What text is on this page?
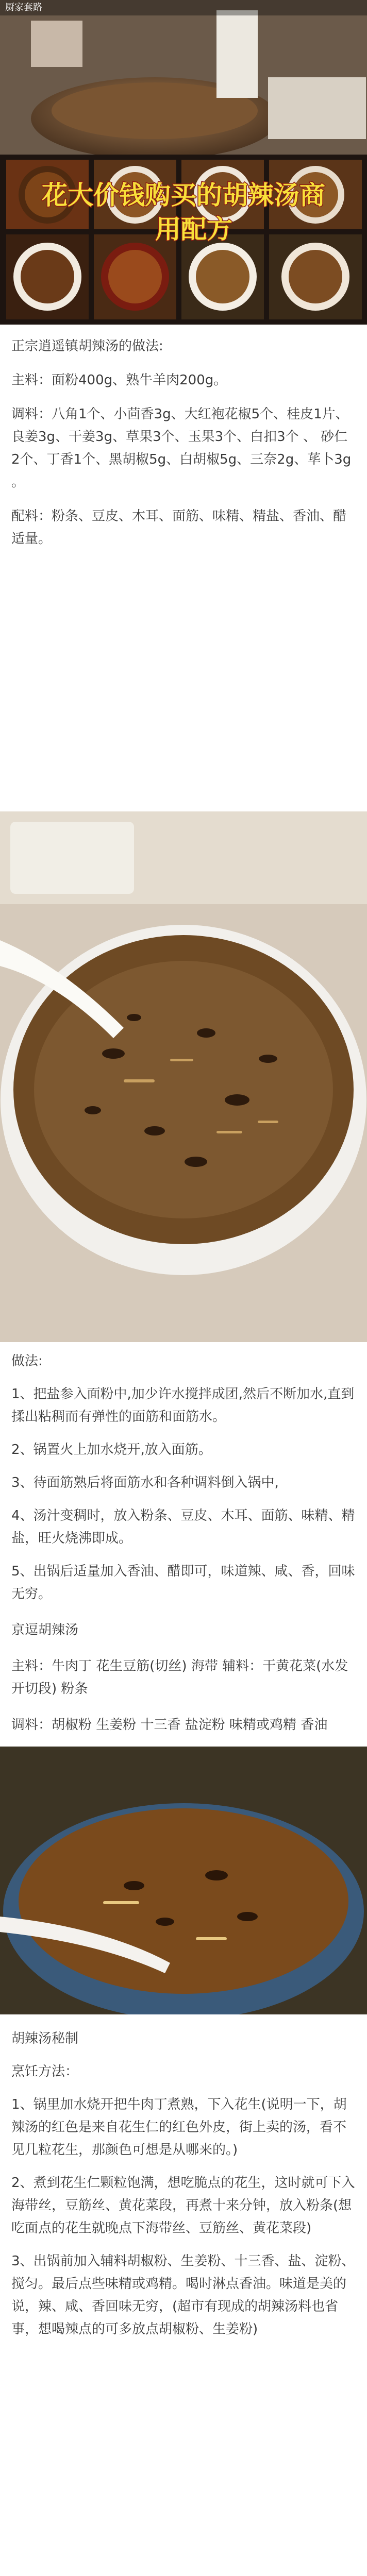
厨家套路
花大价钱购买的胡辣汤商
用配方

正宗逍遥镇胡辣汤的做法:

主料：面粉400g、熟牛羊肉200g。

调料：八角1个、小茴香3g、大红袍花椒5个、桂皮1片、良姜3g、干姜3g、草果3个、玉果3个、白扣3个 、 砂仁2个、丁香1个、黑胡椒5g、白胡椒5g、三奈2g、荜卜3g 。

配料：粉条、豆皮、木耳、面筋、味精、精盐、香油、醋适量。

做法:

1、把盐参入面粉中,加少许水搅拌成团,然后不断加水,直到揉出粘稠而有弹性的面筋和面筋水。

2、锅置火上加水烧开,放入面筋。

3、待面筋熟后将面筋水和各种调料倒入锅中,

4、汤汁变稠时，放入粉条、豆皮、木耳、面筋、味精、精盐，旺火烧沸即成。

5、出锅后适量加入香油、醋即可，味道辣、咸、香，回味无穷。

京逗胡辣汤

主料：牛肉丁 花生豆筋(切丝) 海带 辅料：干黄花菜(水发开切段) 粉条

调料：胡椒粉 生姜粉 十三香 盐淀粉 味精或鸡精 香油

胡辣汤秘制

烹饪方法：

1、锅里加水烧开把牛肉丁煮熟，下入花生(说明一下，胡辣汤的红色是来自花生仁的红色外皮，街上卖的汤，看不见几粒花生，那颜色可想是从哪来的。)

2、煮到花生仁颗粒饱满，想吃脆点的花生，这时就可下入海带丝，豆筋丝、黄花菜段，再煮十来分钟，放入粉条(想吃面点的花生就晚点下海带丝、豆筋丝、黄花菜段)

3、出锅前加入辅料胡椒粉、生姜粉、十三香、盐、淀粉、搅匀。最后点些味精或鸡精。喝时淋点香油。味道是美的说，辣、咸、香回味无穷，(超市有现成的胡辣汤料也省事，想喝辣点的可多放点胡椒粉、生姜粉)
